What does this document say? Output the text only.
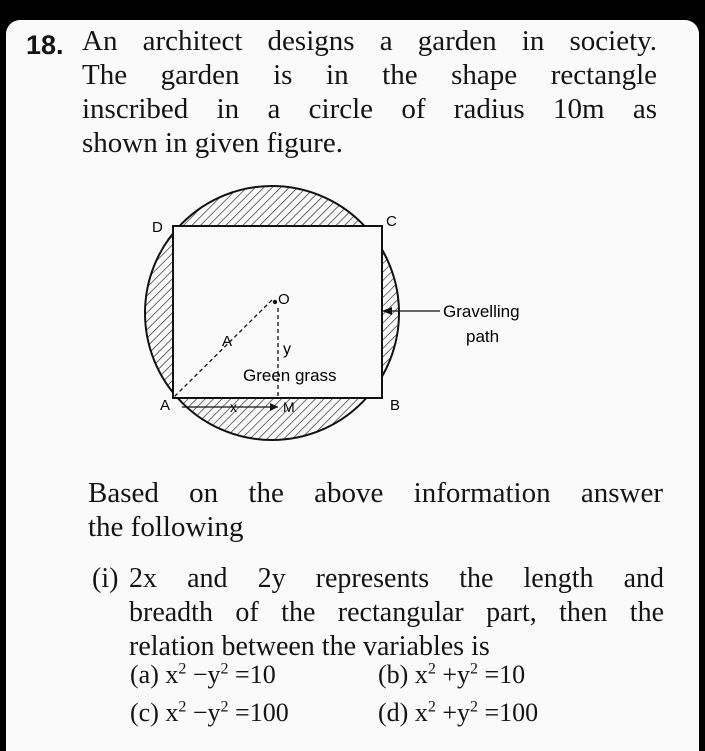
18. An architect designs a garden in society.
The garden is in the shape rectangle
inscribed in a circle of radius 10m as
shown in given figure.
D	C
A	B
O
A	y
x	M
Green grass
Gravelling
path
Based on the above information answer
the following
(i) 2x and 2y represents the length and
breadth of the rectangular part, then the
relation between the variables is
(a) $x^2 -y^2 =10$	(b) $x^2 +y^2 =10$
(c) $x^2 -y^2 =100$	(d) $x^2 +y^2 =100$
